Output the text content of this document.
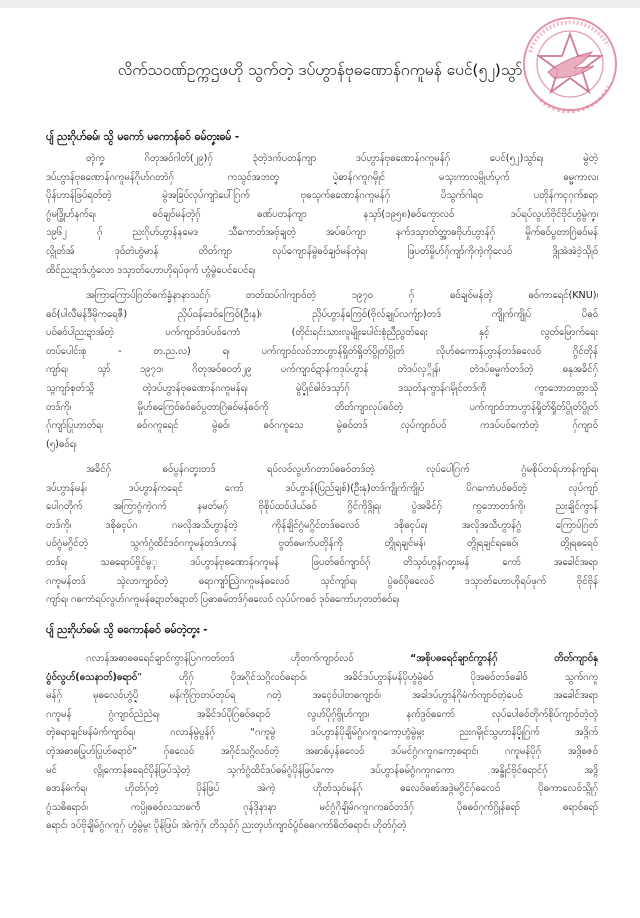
လိက်သဝဏ်ဥက္ကဌဖဟို သွက်တဲ့ ဒပ်ဟွာန်ဗုဓဏောန်ဂကူမန် ပေင်(၅၂)သွာ်
ပျ် ညးဂိုဟ်ဓမ်၊ သ္ငိ မကော် မကောန်ဓဝ် ဓမ်တၞးဓမ် -
တ္ၚဲကၞ ဂိတုအဝ်ဂါတ်(၂၉)ဂှ် ၃ံတဲ့ဒက်ပတန်ကျာ ဒပ်ဟွာန်ဗုဓဏောန်ဂကူမန်ဂှ် ပေင်(၅၂)သွာ်ရ၊ မွဲတဲ့
ဒပ်ဟွာန်ဗုဓဏောန်ဂကူမန်ဂိုဟ်ဂတာဲဂှ် ကသ္ငင်အဘတၞ ပ္ဍဲဓာန်ဂကူဂမ္ၚိုင် မသ္ၚးကာလမ္ဂိုဟ်ပ္ၚက် ဓမ္မကာလ၊
ပိုန်ဟာန်ဖြပ်ရတ်တဲ့ မွဲအခြပ်လုပ်ကျာဲပေါ်ဂြက် ဗုဓသ္ၚက်ဓဏောန်ဂကူမန်ဂှ် ပိသွက်ဂါရဝ ပတိုန်ကၚဂုက်စရာ
ဂွံမဒ္ဂြိုဟ်နက်ရ၊ ဓဝ်ချဝ်မန်တ္ၚဲဂှ် ဓဏ်ပတန်ကျာ နသ္ၚာ်(၁၉၅၈)ဓဝ်ကၠောလဝ် ဒပ်ရပ်လွဟ်ဗိုင်ဗိုင်ဟွံမွဲကၞ၊
၁၉၆၂ ဂှ် ညးဂိုဟ်ဟွာန်နမေဒ သီကောတ်အဗှ်ချတဲ့ အပ်ဓပ်ကျာ နက်ဒသ္ၚာတ်တ္အာဓဗိုဟ်ဟွာန်ဂှ် မှိုက်ဓဝ်ပွတာဂြဲဓဝ်မန်
လ္ဂိုတ်အ် ဒုဝ်တဲဟွံမာန် တိတ်ကျာ လုပ်ကျောန်မွဲဓဝ်ချဝ်မန်တ္ၚဲရ၊ ဖြပတ်မှိုဟ်ဂှ်ကျာ်ကိုကဲ့ကိုလေဝ် ဒ္ဂိုအဲအဲ၁ဲ့သ္ၚိုဝ်
ထိင်ညးဍာဒ်ဟွံလော ဒသ္ၚာတ်ဟောဟိုရပ်ဖုက် ဟွံမွဲပေင်ပေင်ရ၊
အကြာကြောပ်ဂြတ်ဓက်ခ္ခံနာနာသၚ်ဂှ် တတ်ထပ်ဂါကျာဝ်တဲ့ ၁၉၇၀ ဂှ် ဓဝ်ချဝ်မန်တ္ၚဲ ဓဝ်ကာရေင်(KNU)၊
ဓဝ်(ပါလီမန်ဒီမိုကရေဇီ) ညှိပ်ဝန်ဒေဝ်ကြေဝ်(ဦးန)၊ ညှိပ်ဟွာန်ကြေဝ်(ဗိုလ်ချုပ်လက်ျာ)တဒ် ကျိုက်ကျိုပ် ပိဓဝ်
ပဝ်ဓဝ်ပါညးဍာအ်တဲ့ ပက်ကျာဝ်ဒပ်ပဝ်ကောံ (တိုင်းရင်းသားလူမျိုးပေါင်းစုံညီညွတ်ရေး နှင့် လွတ်မြောက်ရေး
တပ်ပေါင်းစု - တ.ည.လ) ရ၊ ပက်ကျာဝ်လဝ်ဘာဟွာန်ရှိုတ်ရှိုတ်ပွိုတ်ပွိုတ် လိုဟ်ဓကောန်ဟွာန်တဒ်ဓလေဝ် ဂွိင်တိုန်
ကျာ်ရ၊ သ္ၚာ် ၁၉၇၁၊ ဂိတုအဝ်ဓဝတ်၂၉ ပက်ကျာဝ်ဍာန်ကဒုပ်ဟွာန် တဲဒပ်လှ္ဂိုန်၊ တဲဒပ်ဓမ္မက်တဒ်တဲ့ ဓနုအခိင်ဂှ်
သ္ဂကျာ်စုတ်သ္ဂိ တ္ၚဲဒပ်ဟွာန်ဗုဓဏောန်ဂကူမန်ရ၊ မွဲပ္ဍိုင်ဓါဝ်ဒသ္ၚာ်ဂှ် ဒသုတ်နကွာန်ဂမ္ၚိုင်တဒ်ကို ကွာဘောတတ္တာသို
တဒ်ကို၊ မှိုဟ်ဓကြေဝ်ဓဝ်ဓဝ်ပွတာဂြဲဓဝ်မန်ဓဝ်ကို တိတ်ကျာလုပ်ဓဝ်တဲ့ ပက်ကျာဝ်ဘာဟွာန်ရှိုတ်ရှိုတ်ပွိုတ်ပွိုတ်
ဂှ်ကျာ်ပြုဟာတ်ရ၊ ဓဝ်ဂကူရေင် မွဲဓဝ်၊ ဓဝ်ဂကူသေ မွဲဓဝ်တဒ် လုပ်ကျာဝ်ပဝ် ကဒပ်ပဝ်ကောံတဲ့ ဂှ်ကျာဝ်
(၅)ဓဝ်ရ၊
အခိင်ဂှ် ဓဝ်ပွန်ဂတၞးတဒ် ရပ်လဝ်လွဟ်ဂတာပ်ဓဓဝ်တဒ်တဲ့ လုပ်ပေါဂြက် ဂွံမစိုပ်တရ်ဟာန်ကျာ်ရ၊
ဒပ်ဟွာန်မန်၊ ဒပ်ဟွာန်ကရေင် ကော် ဒပ်ဟွာန်(ပြည်ချစ်)(ဦးနု)တဒ်ကျိုက်ကျိုပ် ပိဂကောံပဝ်ဓဝ်တဲ့ လုပ်ကျာ်
ပေါဂတိုက် အကြာဂွံကဲ့ဂက် နမတ်မဂှ် ဗိုစိုပ်ထဝ်ပါယ်ဓဝ် ဂွိင်ကိုဒ္ဂိုရ၊ ပွဲအခိင်ဂှ် ကွဘောတဒ်ကို၊ ညးချိင်ကွာန်
တဒ်ကို၊ ဒစိုဓၚပ်ဂ ဂမလိုအသဵဟွာန်တဲ့ ကိုန်ချိင်ဂွံမဂွိင်တဒ်ဓလေဝ် ဒစိုဓၚပ်ရ၊ အလိုအသဵဟွာန်ဂွံ ကြောပ်ဂြတ်
ပဝ်ဂွံမဂွိင်တဲ့ သွက်ဂွံထိင်ဒဝ်ဂကူမန်တဒ်ဟာန် ဗွတ်ဓမက်ပတိုန်ကို တ္ဂိုရချင်မန်၊ တ္ဂိုရချင်ရဓေဝ်၊ တ္ဂိုရဓရေဝ်
တဒ်ရ၊ သဓရောပ်ဗှိုင်မွ္ၚ ဒပ်ဟွာန်ဗုဓဏောန်ဂကူမန် ဖြပတ်ဓဝ်ကျာဝ်ဂှ် တိသ္ၚဝ်ဟွန်ဂတၞးမန် ကော် အခေါင်အရာ
ဂကူမန်တဒ် သ္ၚဲလာကျာဝ်တဲ့ ဓရာကျာ်ညြဲဂကူမန်ဓလေဝ် သ္ၚင်ကျာ်ရ၊ ပွဲဓဝ်ပိုဓလေဝ် ဒသ္ၚာတ်ဟောဟိုရပ်ဖုက် ဗိုင်ဗိုန်
ကျာ်ရ၊ ဂဓကာံရပ်လွဟ်ဂကူမန်ဓဍာတ်ဓဍာတ် ပြဓာဓမ်တဒ်ဂှ်ဓလေဝ် လုပ်ပ်ကဓဝ် ဒုဝ်ဓကော်ဟုတတ်ဓဝ်ရ၊
ပျ် ညးဂိုဟ်ဓမ်၊ သ္ငိ ဓကောန်ဓဝ် ဓမ်တဲ့တၞး -
ဂလာန်အဓာဓဓရေင်ချာင်ကွာန်ပြဂကတ်တဒ် ဟိုတက်ကျာဝ်လဝ် “အစိုပဓရေင်ချာင်ကွာန်ဂှ် တိတ်ကျာဝ်နှ
ပွံဝ်လွဟ်(ဓသနာတ်)ဓရာဝ်” ဟိုဂှ် ပိုအဂိုင်သဂ္ဂိလဝ်ဓရာဝ်၊ အခိင်ဒပ်ဟွာန်မန်ပိုဟွံမွဲဓဝ် ပိုအဓဝ်တဒ်ဓခါဝ် သွက်ဂကူ
မန်ဂှ် မုဓလေဝ်ဟွံပ္ဍိ မန်ကိုဂြာတပ်တုပ်ရ ဂတဲ့ အၚေဝ်ပါတဓကျာဝ်၊ အခါဒပ်ဟွာန်ဂိုမံက်ကျာဝ်တဲ့ပေဝ် အခေါင်အရာ
ဂကူမန် ဂွံကျာဝ်ညဲညဲရ၊ အခိင်ဒပ်ပိုဂြဓဝ်ဓရာဝ် လွဟ်ပိုဂှ်ဗွိုဟ်ကျာ၊ နက်ဒ္ပဝ်ဓကော် လုပ်ပေါဓဝ်တိုက်စိုပ်ကျာဝ်တဲ့တ္ၚဲ
တ္ၚဲဓရာချင်မန်မံက်ကျာဝ်ရ၊ ဂလာန်မွဲပွန်ဂှ် “ဂကူမွဲ ဒပ်ဟွာန်ပိုချိမ်ဂွံဂကူဂကော့ဟွံမွဲမ္ဂး ညးဂမ္ၚိုင်သွဟာန်ပ္ဍိုဂြက် အဒ္ဂိက်
တ္ၚဲအဓာဓပြုဟ်ပြုဟ်ဓရာဝ်” ဂှ်ဓလေဝ် အဂိုင်သဂ္ဂိလဝ်တဲ့ အဓာဓ်ပ္ၚန်ဓလေဝ် ဒပ်မင်ဂွံဂကူဂကော့ဓရာင်၊ ဂကူမန်ပိုဂှ် အဒ္ဂိဓဇဝ်
မင် လ္ဂိုကောန်ဓရေင်ပိုန်ဖြပ်သ္ၚဲတဲ့ သ္ၚက်ဂွံထိင်ဒပ်ဓမ်ဂွံပိုန်ဖြပ်ကော ဒပ်ဟွာန်ဓမ်ဂွံဂကူဂကော အန္ဓိုင်ဗိုင်ဓရာင်ဂှ် အဒ္ဂိ
ဓဒာန်မံက်ရ၊ ဟိုတ်ဂှ်တဲ့ ပိုန်ဖြပ် အဲကဲ့ ဟိုတ်သ္ၚဝ်မန်ဂှ် ဓလေဝ်ဓဓာ်အဒ္ဂဲမဂွိင်ဂှ်ဓလေဝ် ပိုဓကာလေဝ်သ္ဂိုဂှ်
ဂွံသဓိဓရာဝ်၊ ကပ္ပိုဓဓဝ်လသာဓက်ဲ ဂုန်ဒိုနာနာ မင်ဂွံဂိုချိမ်ဂကူဂကဓဝ်တဒ်ဂှ် ပိုဓဓဝ်ဂုက်ဂွိုန်ဓရာ် ဓရာဝ်ဓရာ်
ဓရာင်၊ ဒပ်ဗိုချိမ်ဂွံဂကူဂှ် ဟွံမွဲမ္ဂး ပိုန်ဖြပ်၊ အဲကဲ့ဂှ်၊ တိသ္ၚဝ်ဂှ် ညးတ္ၚဟ်ကျာဝ်ပွံဝ်ဓဓဂကာ်ဓိတ်ဓရာင်၊ ဟိုတ်ဂှ်တဲ့
